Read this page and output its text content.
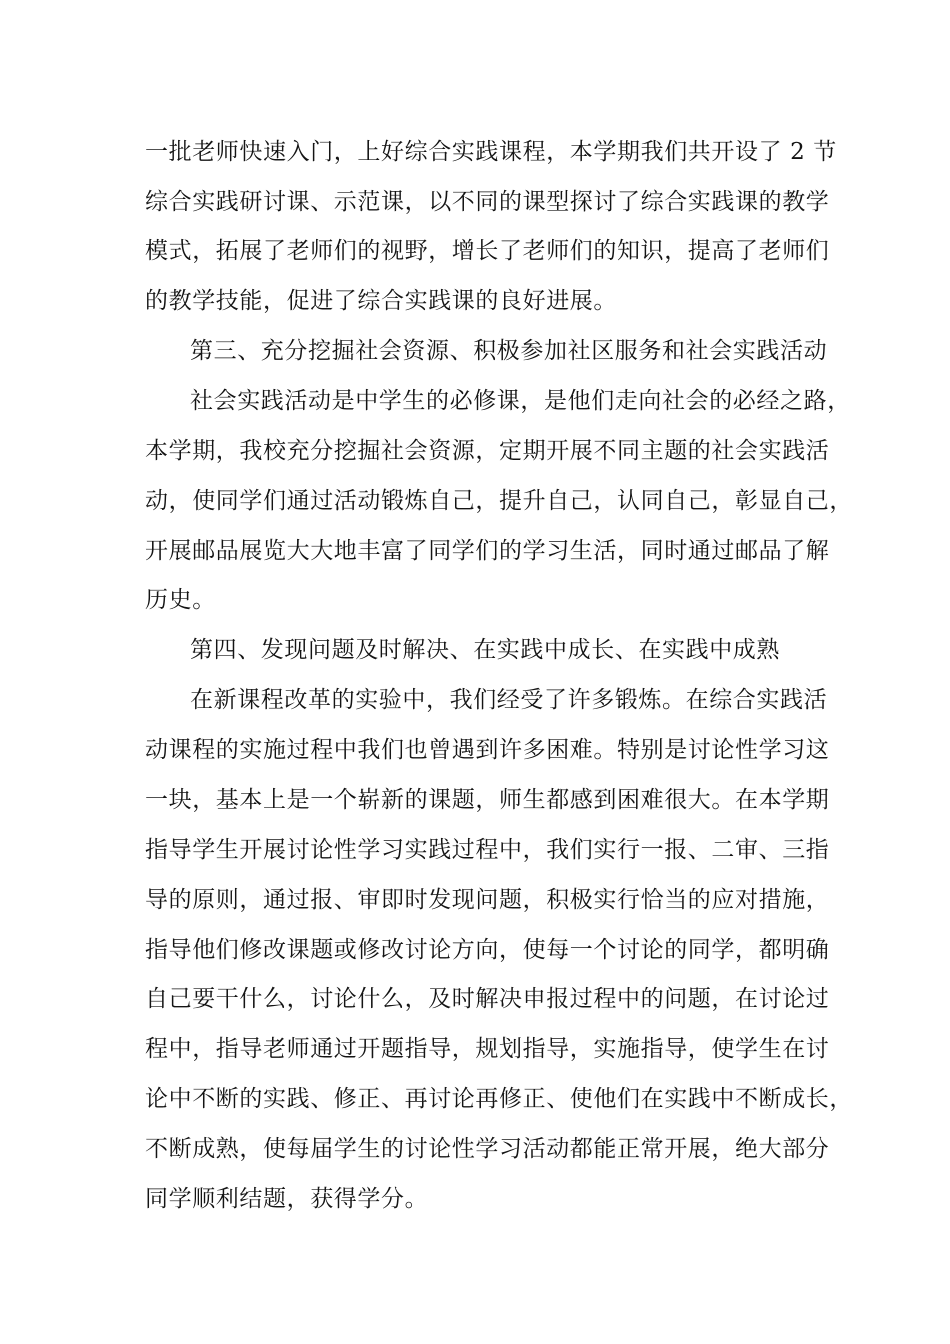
一批老师快速入门，上好综合实践课程，本学期我们共开设了 2 节
综合实践研讨课、示范课，以不同的课型探讨了综合实践课的教学
模式，拓展了老师们的视野，增长了老师们的知识，提高了老师们
的教学技能，促进了综合实践课的良好进展。
第三、充分挖掘社会资源、积极参加社区服务和社会实践活动
社会实践活动是中学生的必修课，是他们走向社会的必经之路，
本学期，我校充分挖掘社会资源，定期开展不同主题的社会实践活
动，使同学们通过活动锻炼自己，提升自己，认同自己，彰显自己，
开展邮品展览大大地丰富了同学们的学习生活，同时通过邮品了解
历史。
第四、发现问题及时解决、在实践中成长、在实践中成熟
在新课程改革的实验中，我们经受了许多锻炼。在综合实践活
动课程的实施过程中我们也曾遇到许多困难。特别是讨论性学习这
一块，基本上是一个崭新的课题，师生都感到困难很大。在本学期
指导学生开展讨论性学习实践过程中，我们实行一报、二审、三指
导的原则，通过报、审即时发现问题，积极实行恰当的应对措施，
指导他们修改课题或修改讨论方向，使每一个讨论的同学，都明确
自己要干什么，讨论什么，及时解决申报过程中的问题，在讨论过
程中，指导老师通过开题指导，规划指导，实施指导，使学生在讨
论中不断的实践、修正、再讨论再修正、使他们在实践中不断成长，
不断成熟，使每届学生的讨论性学习活动都能正常开展，绝大部分
同学顺利结题，获得学分。
